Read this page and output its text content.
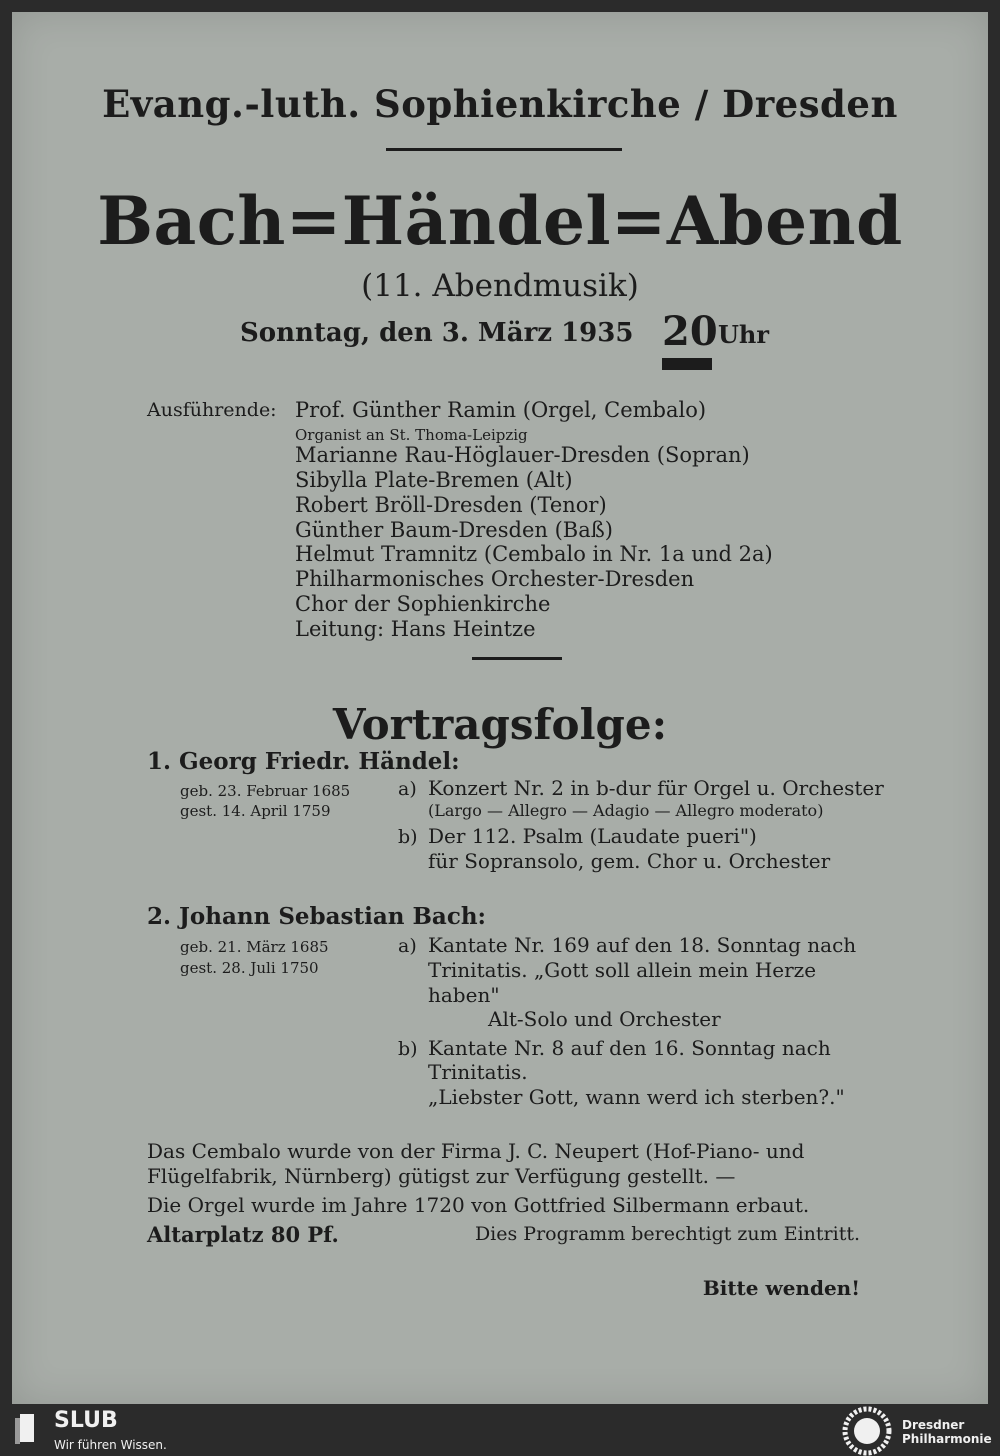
Evang.-luth. Sophienkirche / Dresden
Bach=Händel=Abend
(11. Abendmusik)
Sonntag, den 3. März 1935 20 Uhr
Ausführende: Prof. Günther Ramin (Orgel, Cembalo)
Organist an St. Thoma-Leipzig
Marianne Rau-Höglauer-Dresden (Sopran)
Sibylla Plate-Bremen (Alt)
Robert Bröll-Dresden (Tenor)
Günther Baum-Dresden (Baß)
Helmut Tramnitz (Cembalo in Nr. 1a und 2a)
Philharmonisches Orchester-Dresden
Chor der Sophienkirche
Leitung: Hans Heintze
Vortragsfolge:
1. Georg Friedr. Händel:
geb. 23. Februar 1685
gest. 14. April 1759
a) Konzert Nr. 2 in b-dur für Orgel u. Orchester
(Largo — Allegro — Adagio — Allegro moderato)
b) Der 112. Psalm (Laudate pueri")
für Sopransolo, gem. Chor u. Orchester
2. Johann Sebastian Bach:
geb. 21. März 1685
gest. 28. Juli 1750
a) Kantate Nr. 169 auf den 18. Sonntag nach
Trinitatis. „Gott soll allein mein Herze
haben"
Alt-Solo und Orchester
b) Kantate Nr. 8 auf den 16. Sonntag nach
Trinitatis.
„Liebster Gott, wann werd ich sterben?."
Das Cembalo wurde von der Firma J. C. Neupert (Hof-Piano- und
Flügelfabrik, Nürnberg) gütigst zur Verfügung gestellt. —
Die Orgel wurde im Jahre 1720 von Gottfried Silbermann erbaut.
Altarplatz 80 Pf.	Dies Programm berechtigt zum Eintritt.
Bitte wenden!
SLUB
Wir führen Wissen.
Dresdner
Philharmonie
